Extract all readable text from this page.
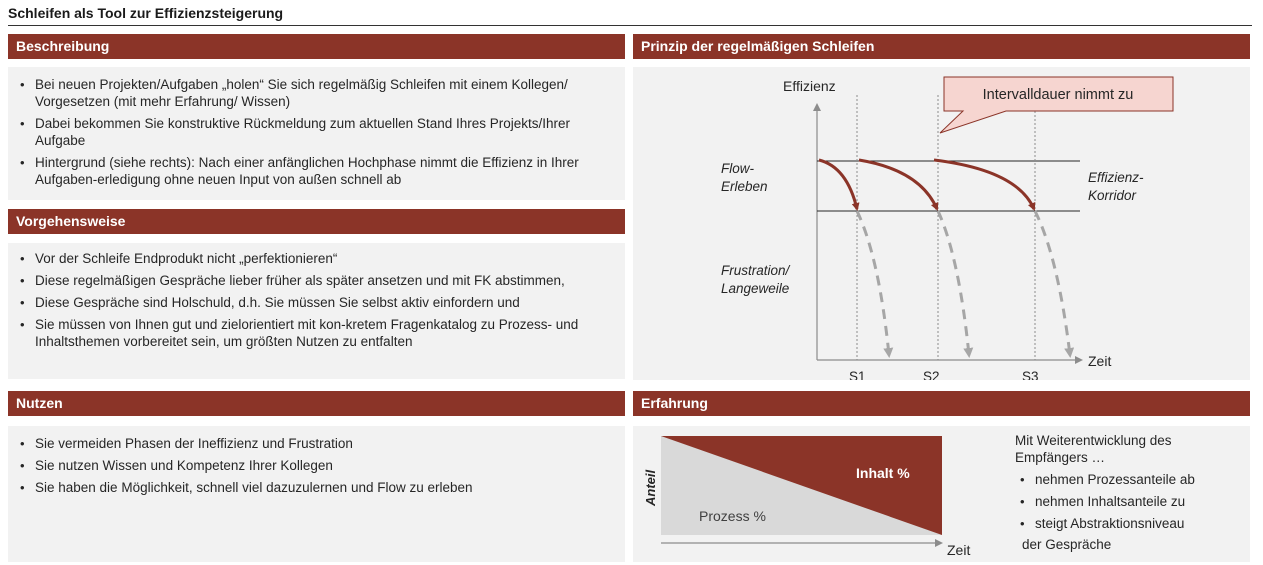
Schleifen als Tool zur Effizienzsteigerung
Beschreibung
• Bei neuen Projekten/Aufgaben „holen“ Sie sich regelmäßig Schleifen mit einem Kollegen/ Vorgesetzen (mit mehr Erfahrung/ Wissen)
• Dabei bekommen Sie konstruktive Rückmeldung zum aktuellen Stand Ihres Projekts/Ihrer Aufgabe
• Hintergrund (siehe rechts): Nach einer anfänglichen Hochphase nimmt die Effizienz in Ihrer Aufgaben-erledigung ohne neuen Input von außen schnell ab
Vorgehensweise
• Vor der Schleife Endprodukt nicht „perfektionieren“
• Diese regelmäßigen Gespräche lieber früher als später ansetzen und mit FK abstimmen,
• Diese Gespräche sind Holschuld, d.h. Sie müssen Sie selbst aktiv einfordern und
• Sie müssen von Ihnen gut und zielorientiert mit kon-kretem Fragenkatalog zu Prozess- und Inhaltsthemen vorbereitet sein, um größten Nutzen zu entfalten
Nutzen
• Sie vermeiden Phasen der Ineffizienz und Frustration
• Sie nutzen Wissen und Kompetenz Ihrer Kollegen
• Sie haben die Möglichkeit, schnell viel dazuzulernen und Flow zu erleben
Prinzip der regelmäßigen Schleifen
Intervalldauer nimmt zu
Effizienz
Zeit
Flow-
Erleben
Frustration/
Langeweile
Effizienz-
Korridor
S1	S2	S3
Erfahrung
Anteil	Inhalt %
Prozess %
Zeit
Mit Weiterentwicklung des
Empfängers …
• nehmen Prozessanteile ab
• nehmen Inhaltsanteile zu
• steigt Abstraktionsniveau
der Gespräche
